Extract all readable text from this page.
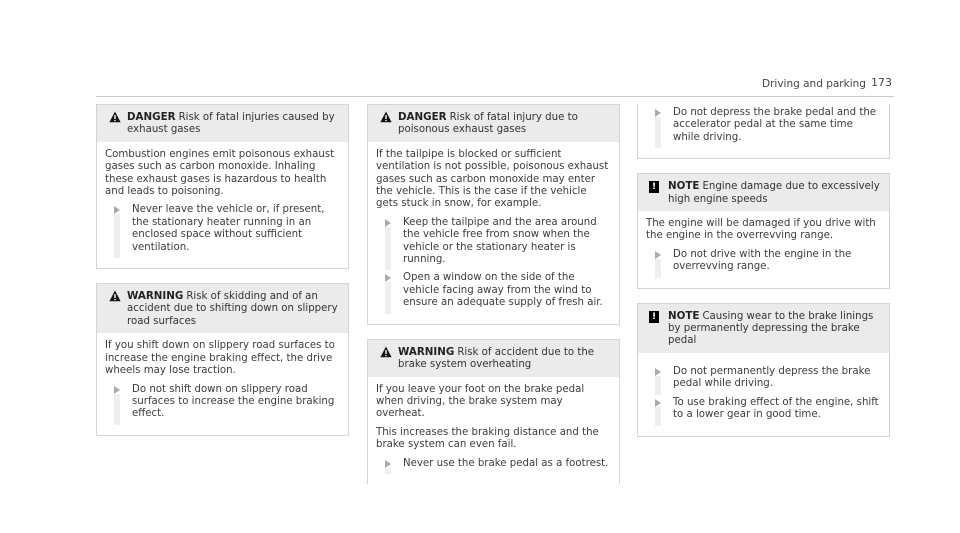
Driving and parking 173
DANGER Risk of fatal injuries caused by exhaust gases

Combustion engines emit poisonous exhaust gases such as carbon monoxide. Inhaling these exhaust gases is hazardous to health and leads to poisoning.

Never leave the vehicle or, if present, the stationary heater running in an enclosed space without sufficient ventilation.
WARNING Risk of skidding and of an accident due to shifting down on slippery road surfaces

If you shift down on slippery road surfaces to increase the engine braking effect, the drive wheels may lose traction.

Do not shift down on slippery road surfaces to increase the engine braking effect.
DANGER Risk of fatal injury due to poisonous exhaust gases

If the tailpipe is blocked or sufficient ventilation is not possible, poisonous exhaust gases such as carbon monoxide may enter the vehicle. This is the case if the vehicle gets stuck in snow, for example.

Keep the tailpipe and the area around the vehicle free from snow when the vehicle or the stationary heater is running.
Open a window on the side of the vehicle facing away from the wind to ensure an adequate supply of fresh air.
WARNING Risk of accident due to the brake system overheating

If you leave your foot on the brake pedal when driving, the brake system may overheat.

This increases the braking distance and the brake system can even fail.

Never use the brake pedal as a footrest.
Do not depress the brake pedal and the accelerator pedal at the same time while driving.
! NOTE Engine damage due to excessively high engine speeds

The engine will be damaged if you drive with the engine in the overrevving range.

Do not drive with the engine in the overrevving range.
! NOTE Causing wear to the brake linings by permanently depressing the brake pedal
Do not permanently depress the brake pedal while driving.
To use braking effect of the engine, shift to a lower gear in good time.
